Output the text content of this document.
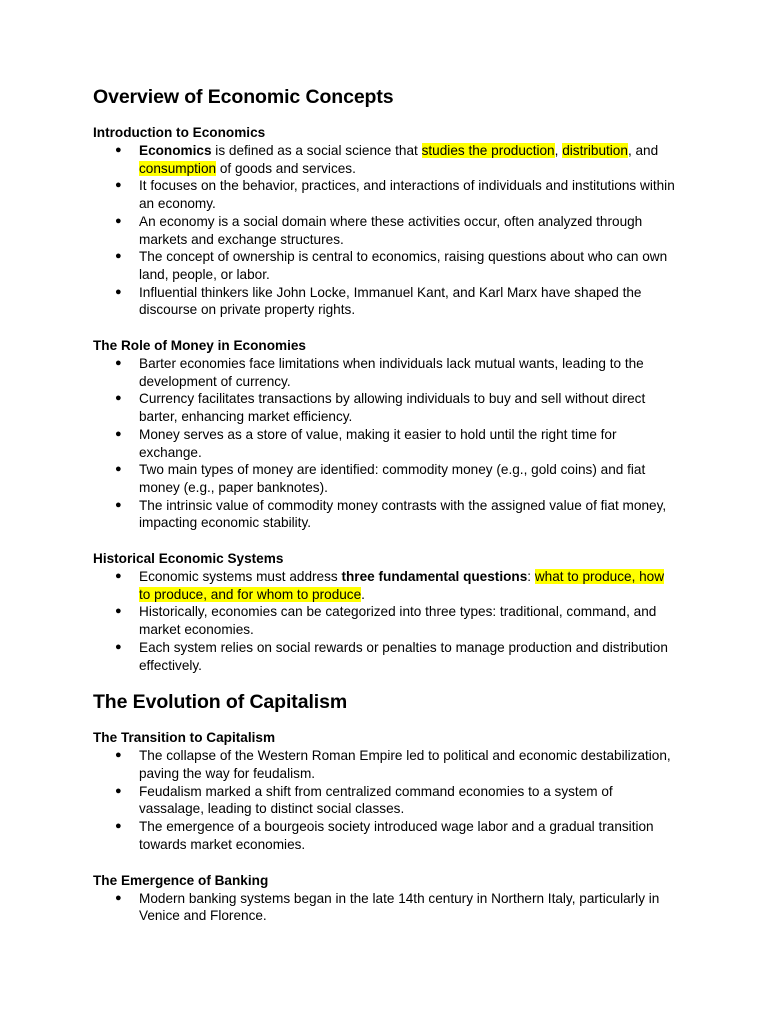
Overview of Economic Concepts
Introduction to Economics
● Economics is defined as a social science that studies the production, distribution, and consumption of goods and services.
● It focuses on the behavior, practices, and interactions of individuals and institutions within an economy.
● An economy is a social domain where these activities occur, often analyzed through markets and exchange structures.
● The concept of ownership is central to economics, raising questions about who can own land, people, or labor.
● Influential thinkers like John Locke, Immanuel Kant, and Karl Marx have shaped the discourse on private property rights.
The Role of Money in Economies
● Barter economies face limitations when individuals lack mutual wants, leading to the development of currency.
● Currency facilitates transactions by allowing individuals to buy and sell without direct barter, enhancing market efficiency.
● Money serves as a store of value, making it easier to hold until the right time for exchange.
● Two main types of money are identified: commodity money (e.g., gold coins) and fiat money (e.g., paper banknotes).
● The intrinsic value of commodity money contrasts with the assigned value of fiat money, impacting economic stability.
Historical Economic Systems
● Economic systems must address three fundamental questions: what to produce, how to produce, and for whom to produce.
● Historically, economies can be categorized into three types: traditional, command, and market economies.
● Each system relies on social rewards or penalties to manage production and distribution effectively.
The Evolution of Capitalism
The Transition to Capitalism
● The collapse of the Western Roman Empire led to political and economic destabilization, paving the way for feudalism.
● Feudalism marked a shift from centralized command economies to a system of vassalage, leading to distinct social classes.
● The emergence of a bourgeois society introduced wage labor and a gradual transition towards market economies.
The Emergence of Banking
● Modern banking systems began in the late 14th century in Northern Italy, particularly in Venice and Florence.
